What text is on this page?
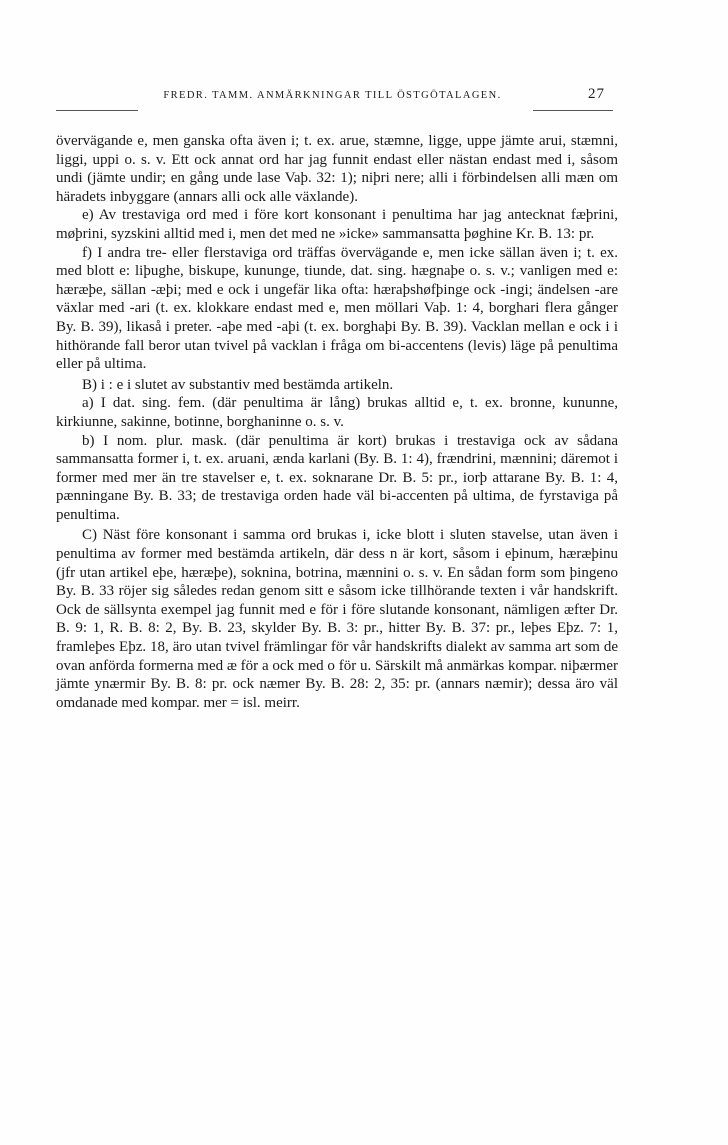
FREDR. TAMM. ANMÄRKNINGAR TILL ÖSTGÖTALAGEN.	27

övervägande e, men ganska ofta även i; t. ex. arue, stæmne, ligge, uppe jämte arui, stæmni, liggi, uppi o. s. v. Ett ock annat ord har jag funnit endast eller nästan endast med i, såsom undi (jämte undir; en gång unde lase Vaþ. 32: 1); niþri nere; alli i förbindelsen alli mæn om häradets inbyggare (annars alli ock alle växlande).

e) Av trestaviga ord med i före kort konsonant i penultima har jag antecknat fæþrini, møþrini, syzskini alltid med i, men det med ne »icke» sammansatta þøghine Kr. B. 13: pr.

f) I andra tre- eller flerstaviga ord träffas övervägande e, men icke sällan även i; t. ex. med blott e: liþughe, biskupe, kununge, tiunde, dat. sing. hægnaþe o. s. v.; vanligen med e: hæræþe, sällan -æþi; med e ock i ungefär lika ofta: hæraþshøfþinge ock -ingi; ändelsen -are växlar med -ari (t. ex. klokkare endast med e, men möllari Vaþ. 1: 4, borghari flera gånger By. B. 39), likaså i preter. -aþe med -aþi (t. ex. borghaþi By. B. 39). Vacklan mellan e ock i i hithörande fall beror utan tvivel på vacklan i fråga om bi-accentens (levis) läge på penultima eller på ultima.

B) i : e i slutet av substantiv med bestämda artikeln.

a) I dat. sing. fem. (där penultima är lång) brukas alltid e, t. ex. bronne, kununne, kirkiunne, sakinne, botinne, borghaninne o. s. v.

b) I nom. plur. mask. (där penultima är kort) brukas i trestaviga ock av sådana sammansatta former i, t. ex. aruani, ænda karlani (By. B. 1: 4), frændrini, mænnini; däremot i former med mer än tre stavelser e, t. ex. soknarane Dr. B. 5: pr., iorþ attarane By. B. 1: 4, pænningane By. B. 33; de trestaviga orden hade väl bi-accenten på ultima, de fyrstaviga på penultima.

C) Näst före konsonant i samma ord brukas i, icke blott i sluten stavelse, utan även i penultima av former med bestämda artikeln, där dess n är kort, såsom i eþinum, hæræþinu (jfr utan artikel eþe, hæræþe), soknina, botrina, mænnini o. s. v. En sådan form som þingeno By. B. 33 röjer sig således redan genom sitt e såsom icke tillhörande texten i vår handskrift. Ock de sällsynta exempel jag funnit med e för i före slutande konsonant, nämligen æfter Dr. B. 9: 1, R. B. 8: 2, By. B. 23, skylder By. B. 3: pr., hitter By. B. 37: pr., leþes Eþz. 7: 1, framleþes Eþz. 18, äro utan tvivel främlingar för vår handskrifts dialekt av samma art som de ovan anförda formerna med æ för a ock med o för u. Särskilt må anmärkas kompar. niþærmer jämte ynærmir By. B. 8: pr. ock næmer By. B. 28: 2, 35: pr. (annars næmir); dessa äro väl omdanade med kompar. mer = isl. meirr.
